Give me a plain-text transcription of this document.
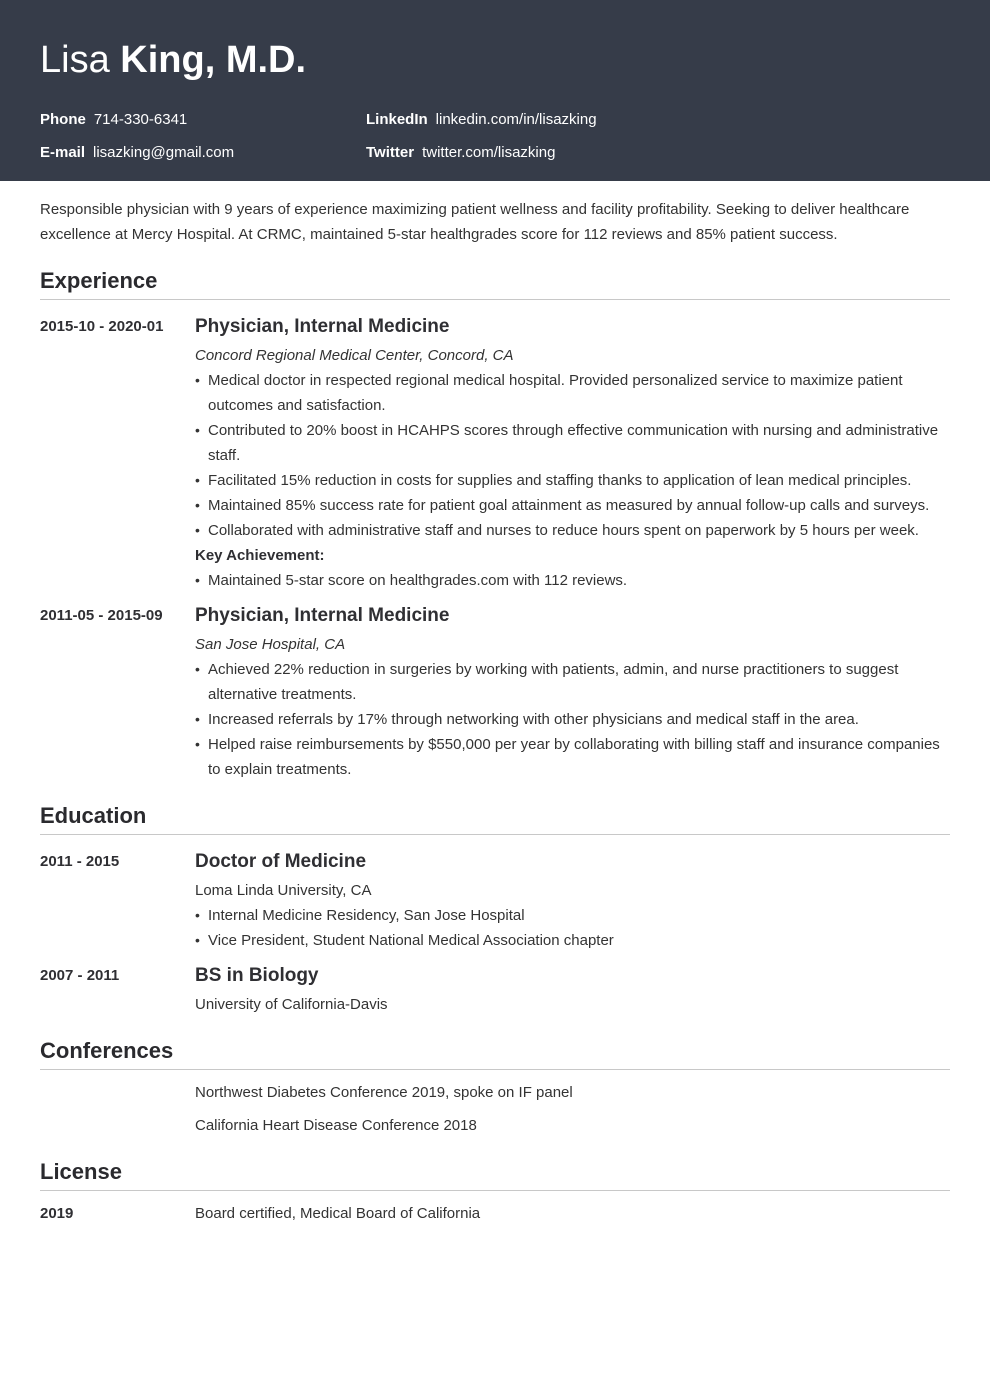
Lisa King, M.D.
Phone 714-330-6341
E-mail lisazking@gmail.com
LinkedIn linkedin.com/in/lisazking
Twitter twitter.com/lisazking

Responsible physician with 9 years of experience maximizing patient wellness and facility profitability. Seeking to deliver healthcare excellence at Mercy Hospital. At CRMC, maintained 5-star healthgrades score for 112 reviews and 85% patient success.

Experience
2015-10 - 2020-01	Physician, Internal Medicine
Concord Regional Medical Center, Concord, CA
• Medical doctor in respected regional medical hospital. Provided personalized service to maximize patient outcomes and satisfaction.
• Contributed to 20% boost in HCAHPS scores through effective communication with nursing and administrative staff.
• Facilitated 15% reduction in costs for supplies and staffing thanks to application of lean medical principles.
• Maintained 85% success rate for patient goal attainment as measured by annual follow-up calls and surveys.
• Collaborated with administrative staff and nurses to reduce hours spent on paperwork by 5 hours per week.
Key Achievement:
• Maintained 5-star score on healthgrades.com with 112 reviews.
2011-05 - 2015-09	Physician, Internal Medicine
San Jose Hospital, CA
• Achieved 22% reduction in surgeries by working with patients, admin, and nurse practitioners to suggest alternative treatments.
• Increased referrals by 17% through networking with other physicians and medical staff in the area.
• Helped raise reimbursements by $550,000 per year by collaborating with billing staff and insurance companies to explain treatments.
Education
2011 - 2015	Doctor of Medicine
Loma Linda University, CA
• Internal Medicine Residency, San Jose Hospital
• Vice President, Student National Medical Association chapter
2007 - 2011	BS in Biology
University of California-Davis
Conferences
Northwest Diabetes Conference 2019, spoke on IF panel
California Heart Disease Conference 2018
License
2019	Board certified, Medical Board of California
